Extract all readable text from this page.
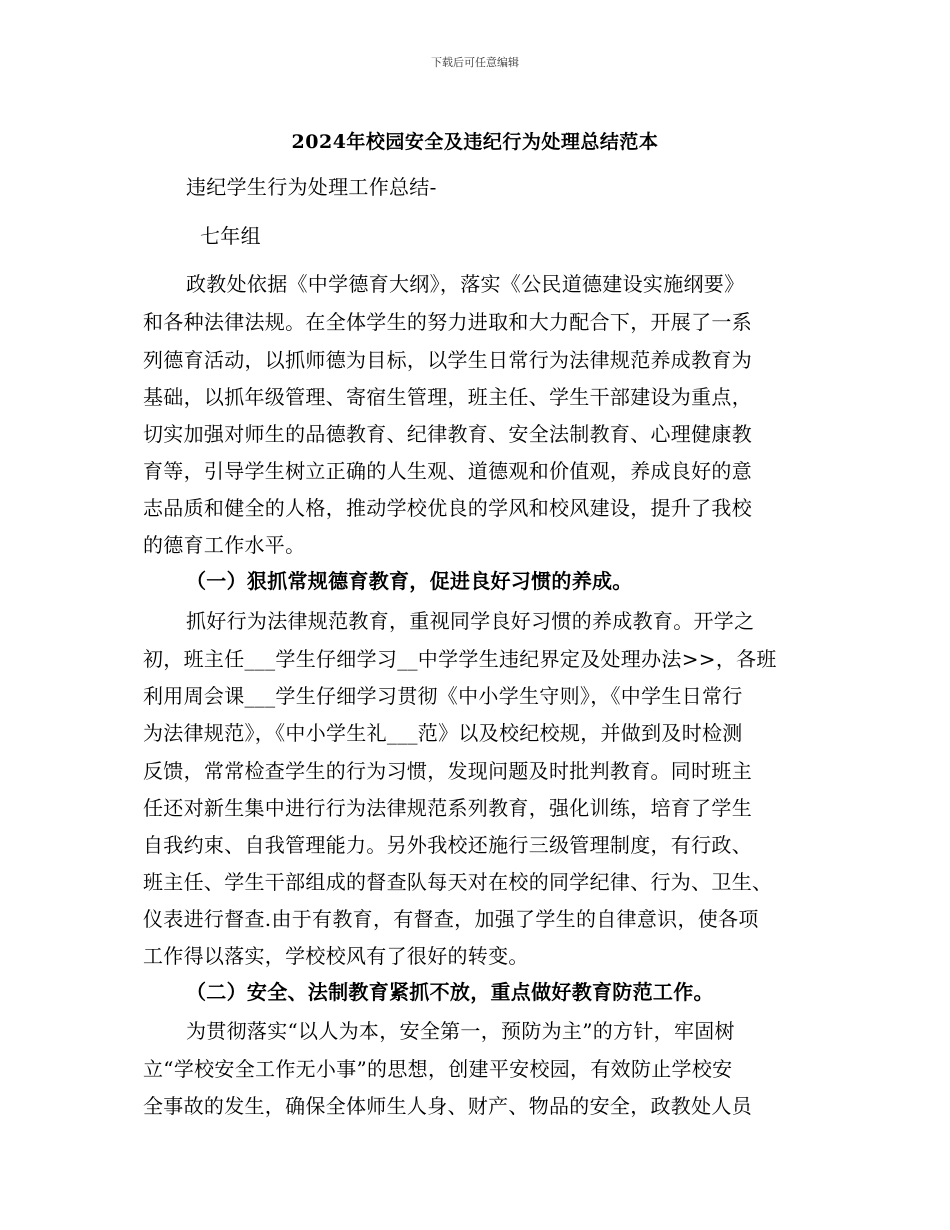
下载后可任意编辑
2024年校园安全及违纪行为处理总结范本
违纪学生行为处理工作总结-
七年组
政教处依据《中学德育大纲》，落实《公民道德建设实施纲要》
和各种法律法规。在全体学生的努力进取和大力配合下，开展了一系
列德育活动，以抓师德为目标，以学生日常行为法律规范养成教育为
基础，以抓年级管理、寄宿生管理，班主任、学生干部建设为重点，
切实加强对师生的品德教育、纪律教育、安全法制教育、心理健康教
育等，引导学生树立正确的人生观、道德观和价值观，养成良好的意
志品质和健全的人格，推动学校优良的学风和校风建设，提升了我校
的德育工作水平。
（一）狠抓常规德育教育，促进良好习惯的养成。
抓好行为法律规范教育，重视同学良好习惯的养成教育。开学之
初，班主任___学生仔细学习__中学学生违纪界定及处理办法>>，各班
利用周会课___学生仔细学习贯彻《中小学生守则》，《中学生日常行
为法律规范》，《中小学生礼___范》以及校纪校规，并做到及时检测
反馈，常常检查学生的行为习惯，发现问题及时批判教育。同时班主
任还对新生集中进行行为法律规范系列教育，强化训练，培育了学生
自我约束、自我管理能力。另外我校还施行三级管理制度，有行政、
班主任、学生干部组成的督查队每天对在校的同学纪律、行为、卫生、
仪表进行督查.由于有教育，有督查，加强了学生的自律意识，使各项
工作得以落实，学校校风有了很好的转变。
（二）安全、法制教育紧抓不放，重点做好教育防范工作。
为贯彻落实“以人为本，安全第一，预防为主”的方针，牢固树
立“学校安全工作无小事”的思想，创建平安校园，有效防止学校安
全事故的发生，确保全体师生人身、财产、物品的安全，政教处人员
